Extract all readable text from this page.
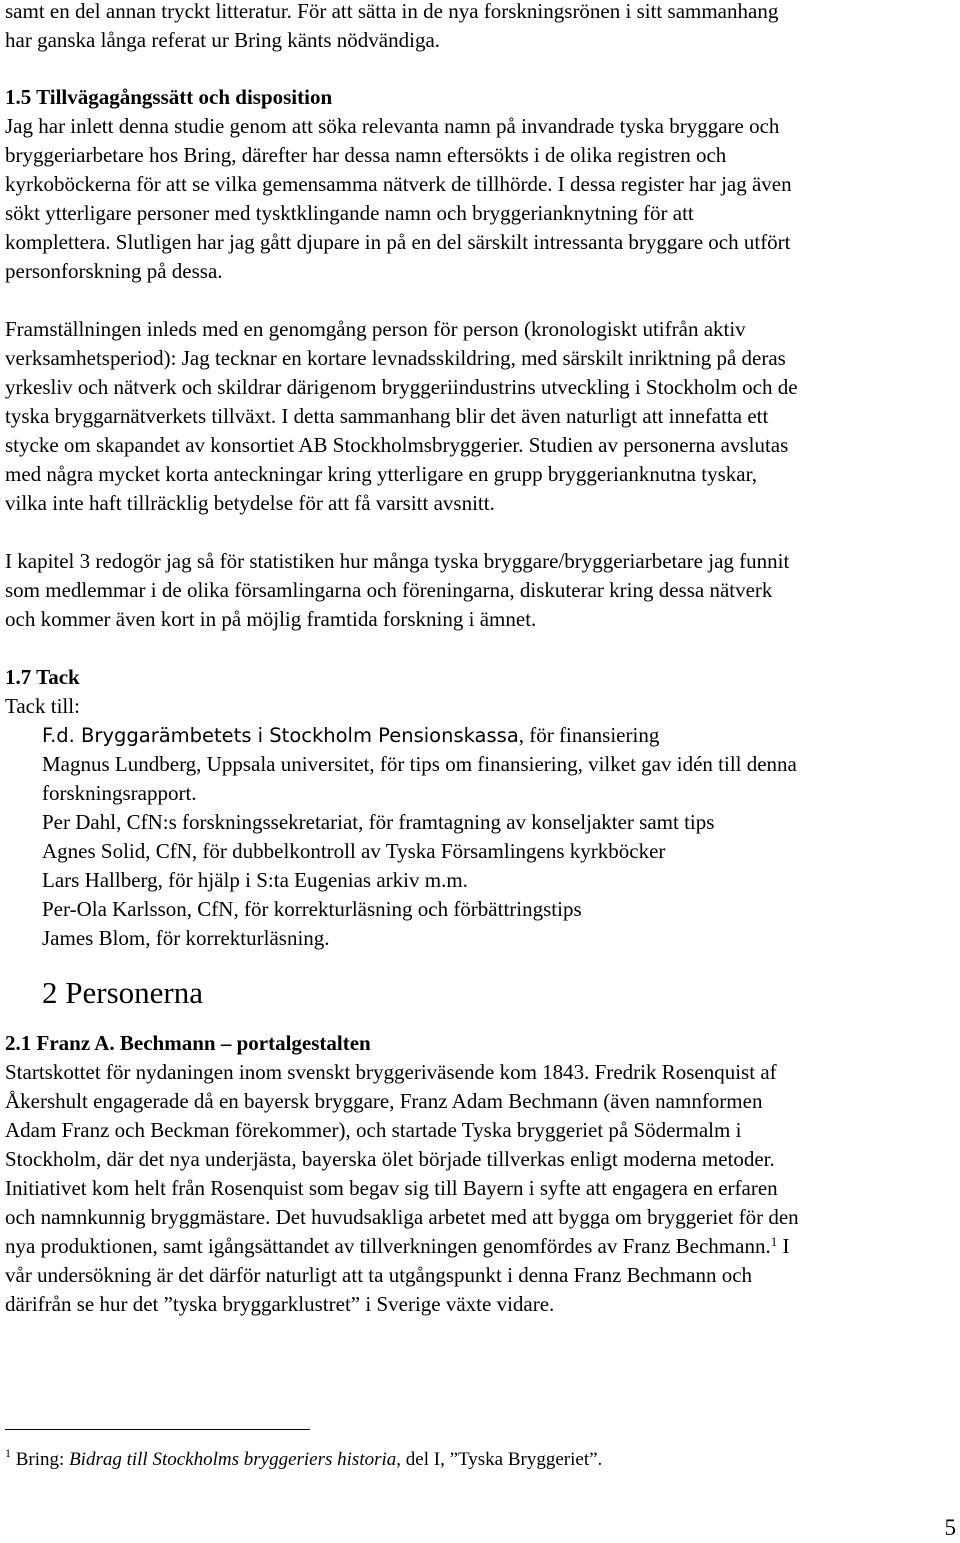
samt en del annan tryckt litteratur. För att sätta in de nya forskningsrönen i sitt sammanhang

har ganska långa referat ur Bring känts nödvändiga.

1.5 Tillvägagångssätt och disposition

Jag har inlett denna studie genom att söka relevanta namn på invandrade tyska bryggare och

bryggeriarbetare hos Bring, därefter har dessa namn eftersökts i de olika registren och

kyrkoböckerna för att se vilka gemensamma nätverk de tillhörde. I dessa register har jag även

sökt ytterligare personer med tysktklingande namn och bryggerianknytning för att

komplettera. Slutligen har jag gått djupare in på en del särskilt intressanta bryggare och utfört

personforskning på dessa.

Framställningen inleds med en genomgång person för person (kronologiskt utifrån aktiv

verksamhetsperiod): Jag tecknar en kortare levnadsskildring, med särskilt inriktning på deras

yrkesliv och nätverk och skildrar därigenom bryggeriindustrins utveckling i Stockholm och de

tyska bryggarnätverkets tillväxt. I detta sammanhang blir det även naturligt att innefatta ett

stycke om skapandet av konsortiet AB Stockholmsbryggerier. Studien av personerna avslutas

med några mycket korta anteckningar kring ytterligare en grupp bryggerianknutna tyskar,

vilka inte haft tillräcklig betydelse för att få varsitt avsnitt.

I kapitel 3 redogör jag så för statistiken hur många tyska bryggare/bryggeriarbetare jag funnit

som medlemmar i de olika församlingarna och föreningarna, diskuterar kring dessa nätverk

och kommer även kort in på möjlig framtida forskning i ämnet.

1.7 Tack

Tack till:

F.d. Bryggarämbetets i Stockholm Pensionskassa, för finansiering

Magnus Lundberg, Uppsala universitet, för tips om finansiering, vilket gav idén till denna

forskningsrapport.

Per Dahl, CfN:s forskningssekretariat, för framtagning av konseljakter samt tips

Agnes Solid, CfN, för dubbelkontroll av Tyska Församlingens kyrkböcker

Lars Hallberg, för hjälp i S:ta Eugenias arkiv m.m.

Per-Ola Karlsson, CfN, för korrekturläsning och förbättringstips

James Blom, för korrekturläsning.

2 Personerna

2.1 Franz A. Bechmann – portalgestalten

Startskottet för nydaningen inom svenskt bryggeriväsende kom 1843. Fredrik Rosenquist af

Åkershult engagerade då en bayersk bryggare, Franz Adam Bechmann (även namnformen

Adam Franz och Beckman förekommer), och startade Tyska bryggeriet på Södermalm i

Stockholm, där det nya underjästa, bayerska ölet började tillverkas enligt moderna metoder.

Initiativet kom helt från Rosenquist som begav sig till Bayern i syfte att engagera en erfaren

och namnkunnig bryggmästare. Det huvudsakliga arbetet med att bygga om bryggeriet för den

nya produktionen, samt igångsättandet av tillverkningen genomfördes av Franz Bechmann.$^1$ I

vår undersökning är det därför naturligt att ta utgångspunkt i denna Franz Bechmann och

därifrån se hur det ”tyska bryggarklustret” i Sverige växte vidare.

$^1$ Bring: Bidrag till Stockholms bryggeriers historia, del I, ”Tyska Bryggeriet”.

5
